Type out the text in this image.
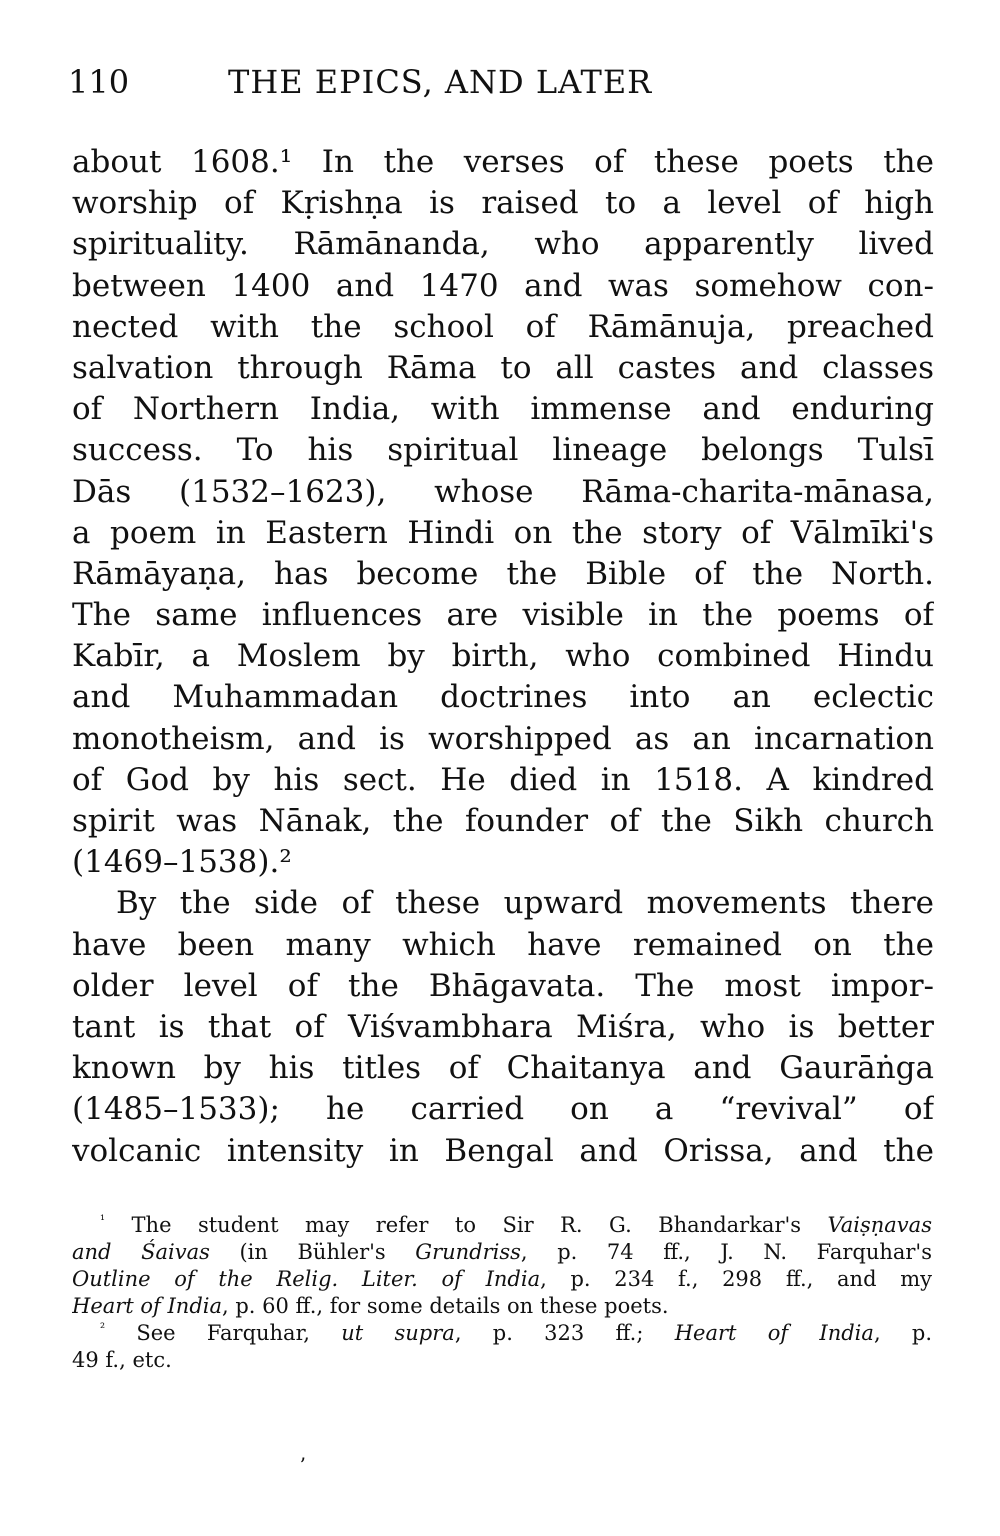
110	THE EPICS, AND LATER
about 1608.¹ In the verses of these poets the
worship of Kṛishṇa is raised to a level of high
spirituality. Rāmānanda, who apparently lived
between 1400 and 1470 and was somehow con-
nected with the school of Rāmānuja, preached
salvation through Rāma to all castes and classes
of Northern India, with immense and enduring
success. To his spiritual lineage belongs Tulsī
Dās (1532–1623), whose Rāma-charita-mānasa,
a poem in Eastern Hindi on the story of Vālmīki's
Rāmāyaṇa, has become the Bible of the North.
The same influences are visible in the poems of
Kabīr, a Moslem by birth, who combined Hindu
and Muhammadan doctrines into an eclectic
monotheism, and is worshipped as an incarnation
of God by his sect. He died in 1518. A kindred
spirit was Nānak, the founder of the Sikh church
(1469–1538).²
By the side of these upward movements there
have been many which have remained on the
older level of the Bhāgavata. The most impor-
tant is that of Viśvambhara Miśra, who is better
known by his titles of Chaitanya and Gaurāṅga
(1485–1533); he carried on a “revival” of
volcanic intensity in Bengal and Orissa, and the
$^{^1}$ The student may refer to Sir R. G. Bhandarkar's Vaiṣṇavas
and Śaivas (in Bühler's Grundriss, p. 74 ff., J. N. Farquhar's
Outline of the Relig. Liter. of India, p. 234 f., 298 ff., and my
Heart of India, p. 60 ff., for some details on these poets.
$^{^2}$ See Farquhar, ut supra, p. 323 ff.; Heart of India, p.
49 f., etc.
ʼ
